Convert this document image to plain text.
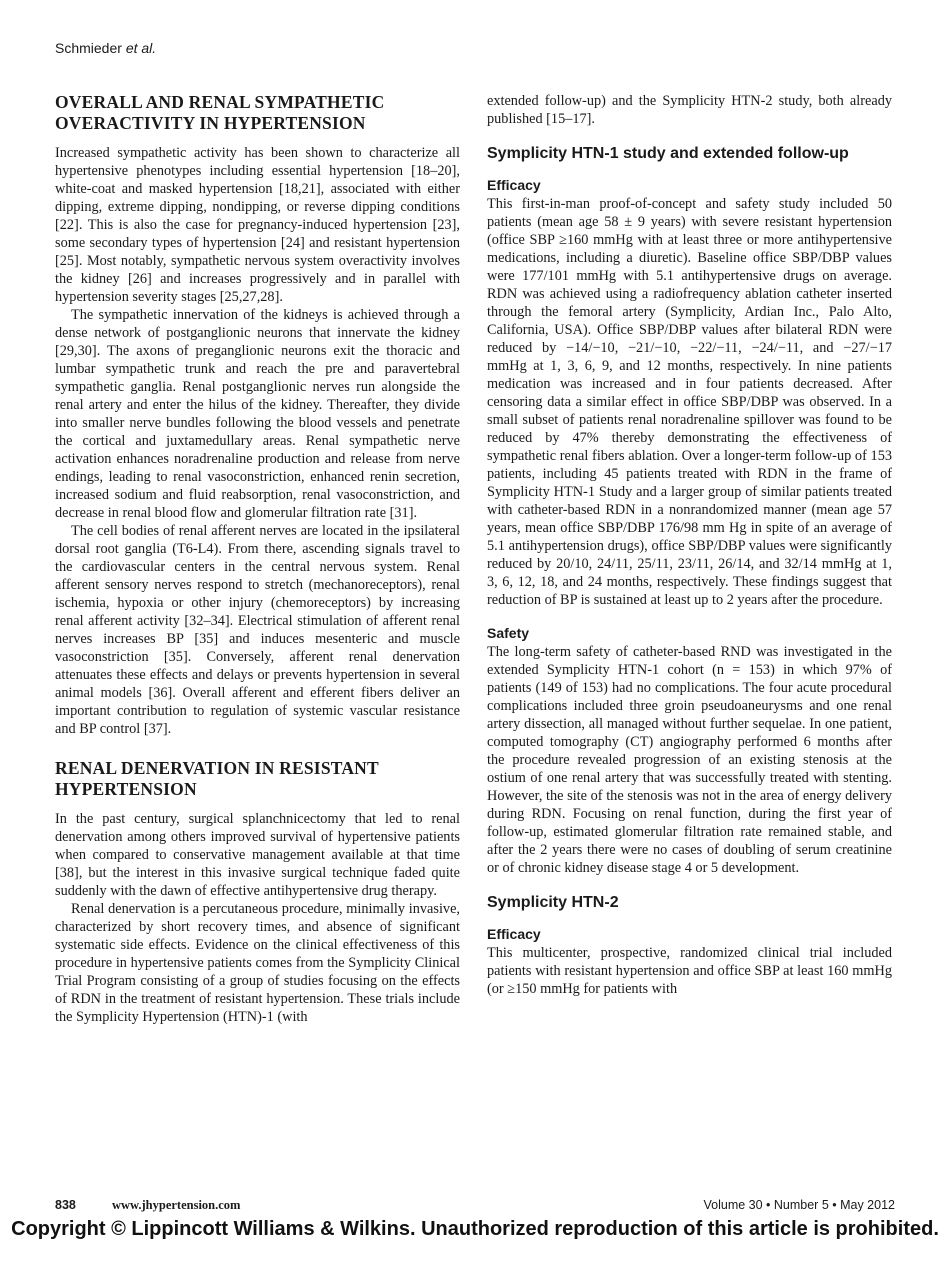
Schmieder et al.
OVERALL AND RENAL SYMPATHETIC OVERACTIVITY IN HYPERTENSION

Increased sympathetic activity has been shown to characterize all hypertensive phenotypes including essential hypertension [18–20], white-coat and masked hypertension [18,21], associated with either dipping, extreme dipping, nondipping, or reverse dipping conditions [22]. This is also the case for pregnancy-induced hypertension [23], some secondary types of hypertension [24] and resistant hypertension [25]. Most notably, sympathetic nervous system overactivity involves the kidney [26] and increases progressively and in parallel with hypertension severity stages [25,27,28].

The sympathetic innervation of the kidneys is achieved through a dense network of postganglionic neurons that innervate the kidney [29,30]. The axons of preganglionic neurons exit the thoracic and lumbar sympathetic trunk and reach the pre and paravertebral sympathetic ganglia. Renal postganglionic nerves run alongside the renal artery and enter the hilus of the kidney. Thereafter, they divide into smaller nerve bundles following the blood vessels and penetrate the cortical and juxtamedullary areas. Renal sympathetic nerve activation enhances noradrenaline production and release from nerve endings, leading to renal vasoconstriction, enhanced renin secretion, increased sodium and fluid reabsorption, renal vasoconstriction, and decrease in renal blood flow and glomerular filtration rate [31].

The cell bodies of renal afferent nerves are located in the ipsilateral dorsal root ganglia (T6-L4). From there, ascending signals travel to the cardiovascular centers in the central nervous system. Renal afferent sensory nerves respond to stretch (mechanoreceptors), renal ischemia, hypoxia or other injury (chemoreceptors) by increasing renal afferent activity [32–34]. Electrical stimulation of afferent renal nerves increases BP [35] and induces mesenteric and muscle vasoconstriction [35]. Conversely, afferent renal denervation attenuates these effects and delays or prevents hypertension in several animal models [36]. Overall afferent and efferent fibers deliver an important contribution to regulation of systemic vascular resistance and BP control [37].

RENAL DENERVATION IN RESISTANT HYPERTENSION

In the past century, surgical splanchnicectomy that led to renal denervation among others improved survival of hypertensive patients when compared to conservative management available at that time [38], but the interest in this invasive surgical technique faded quite suddenly with the dawn of effective antihypertensive drug therapy.

Renal denervation is a percutaneous procedure, minimally invasive, characterized by short recovery times, and absence of significant systematic side effects. Evidence on the clinical effectiveness of this procedure in hypertensive patients comes from the Symplicity Clinical Trial Program consisting of a group of studies focusing on the effects of RDN in the treatment of resistant hypertension. These trials include the Symplicity Hypertension (HTN)-1 (with

extended follow-up) and the Symplicity HTN-2 study, both already published [15–17].

Symplicity HTN-1 study and extended follow-up
Efficacy

This first-in-man proof-of-concept and safety study included 50 patients (mean age 58 ± 9 years) with severe resistant hypertension (office SBP ≥160 mmHg with at least three or more antihypertensive medications, including a diuretic). Baseline office SBP/DBP values were 177/101 mmHg with 5.1 antihypertensive drugs on average. RDN was achieved using a radiofrequency ablation catheter inserted through the femoral artery (Symplicity, Ardian Inc., Palo Alto, California, USA). Office SBP/DBP values after bilateral RDN were reduced by −14/−10, −21/−10, −22/−11, −24/−11, and −27/−17 mmHg at 1, 3, 6, 9, and 12 months, respectively. In nine patients medication was increased and in four patients decreased. After censoring data a similar effect in office SBP/DBP was observed. In a small subset of patients renal noradrenaline spillover was found to be reduced by 47% thereby demonstrating the effectiveness of sympathetic renal fibers ablation. Over a longer-term follow-up of 153 patients, including 45 patients treated with RDN in the frame of Symplicity HTN-1 Study and a larger group of similar patients treated with catheter-based RDN in a nonrandomized manner (mean age 57 years, mean office SBP/DBP 176/98 mm Hg in spite of an average of 5.1 antihypertension drugs), office SBP/DBP values were significantly reduced by 20/10, 24/11, 25/11, 23/11, 26/14, and 32/14 mmHg at 1, 3, 6, 12, 18, and 24 months, respectively. These findings suggest that reduction of BP is sustained at least up to 2 years after the procedure.

Safety

The long-term safety of catheter-based RND was investigated in the extended Symplicity HTN-1 cohort (n = 153) in which 97% of patients (149 of 153) had no complications. The four acute procedural complications included three groin pseudoaneurysms and one renal artery dissection, all managed without further sequelae. In one patient, computed tomography (CT) angiography performed 6 months after the procedure revealed progression of an existing stenosis at the ostium of one renal artery that was successfully treated with stenting. However, the site of the stenosis was not in the area of energy delivery during RDN. Focusing on renal function, during the first year of follow-up, estimated glomerular filtration rate remained stable, and after the 2 years there were no cases of doubling of serum creatinine or of chronic kidney disease stage 4 or 5 development.

Symplicity HTN-2
Efficacy

This multicenter, prospective, randomized clinical trial included patients with resistant hypertension and office SBP at least 160 mmHg (or ≥150 mmHg for patients with

838	www.jhypertension.com	Volume 30 • Number 5 • May 2012
Copyright © Lippincott Williams & Wilkins. Unauthorized reproduction of this article is prohibited.
